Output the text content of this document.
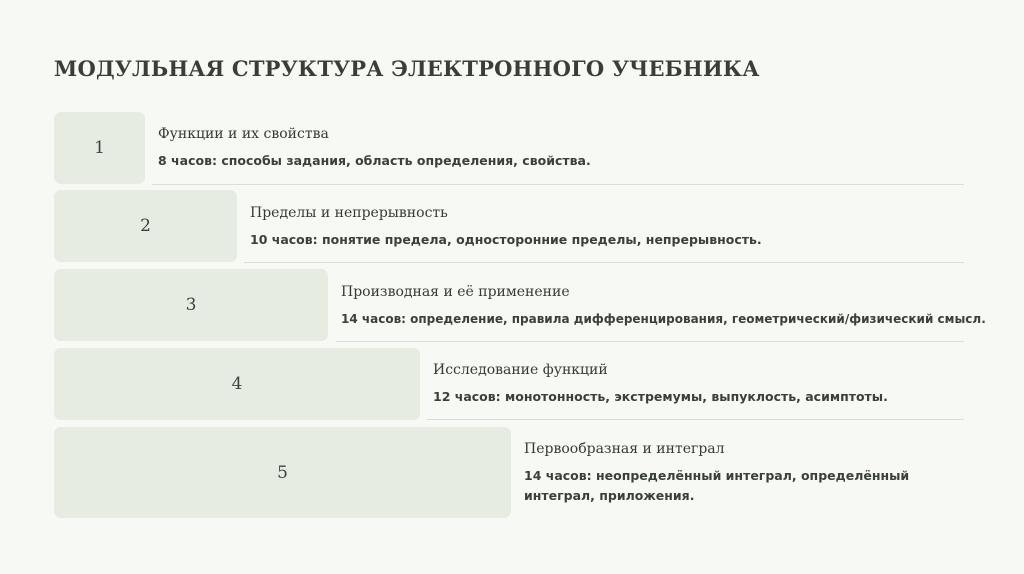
МОДУЛЬНАЯ СТРУКТУРА ЭЛЕКТРОННОГО УЧЕБНИКА
1
Функции и их свойства
8 часов: способы задания, область определения, свойства.
2
Пределы и непрерывность
10 часов: понятие предела, односторонние пределы, непрерывность.
3
Производная и её применение
14 часов: определение, правила дифференцирования, геометрический/физический смысл.
4
Исследование функций
12 часов: монотонность, экстремумы, выпуклость, асимптоты.
5
Первообразная и интеграл
14 часов: неопределённый интеграл, определённый интеграл, приложения.
